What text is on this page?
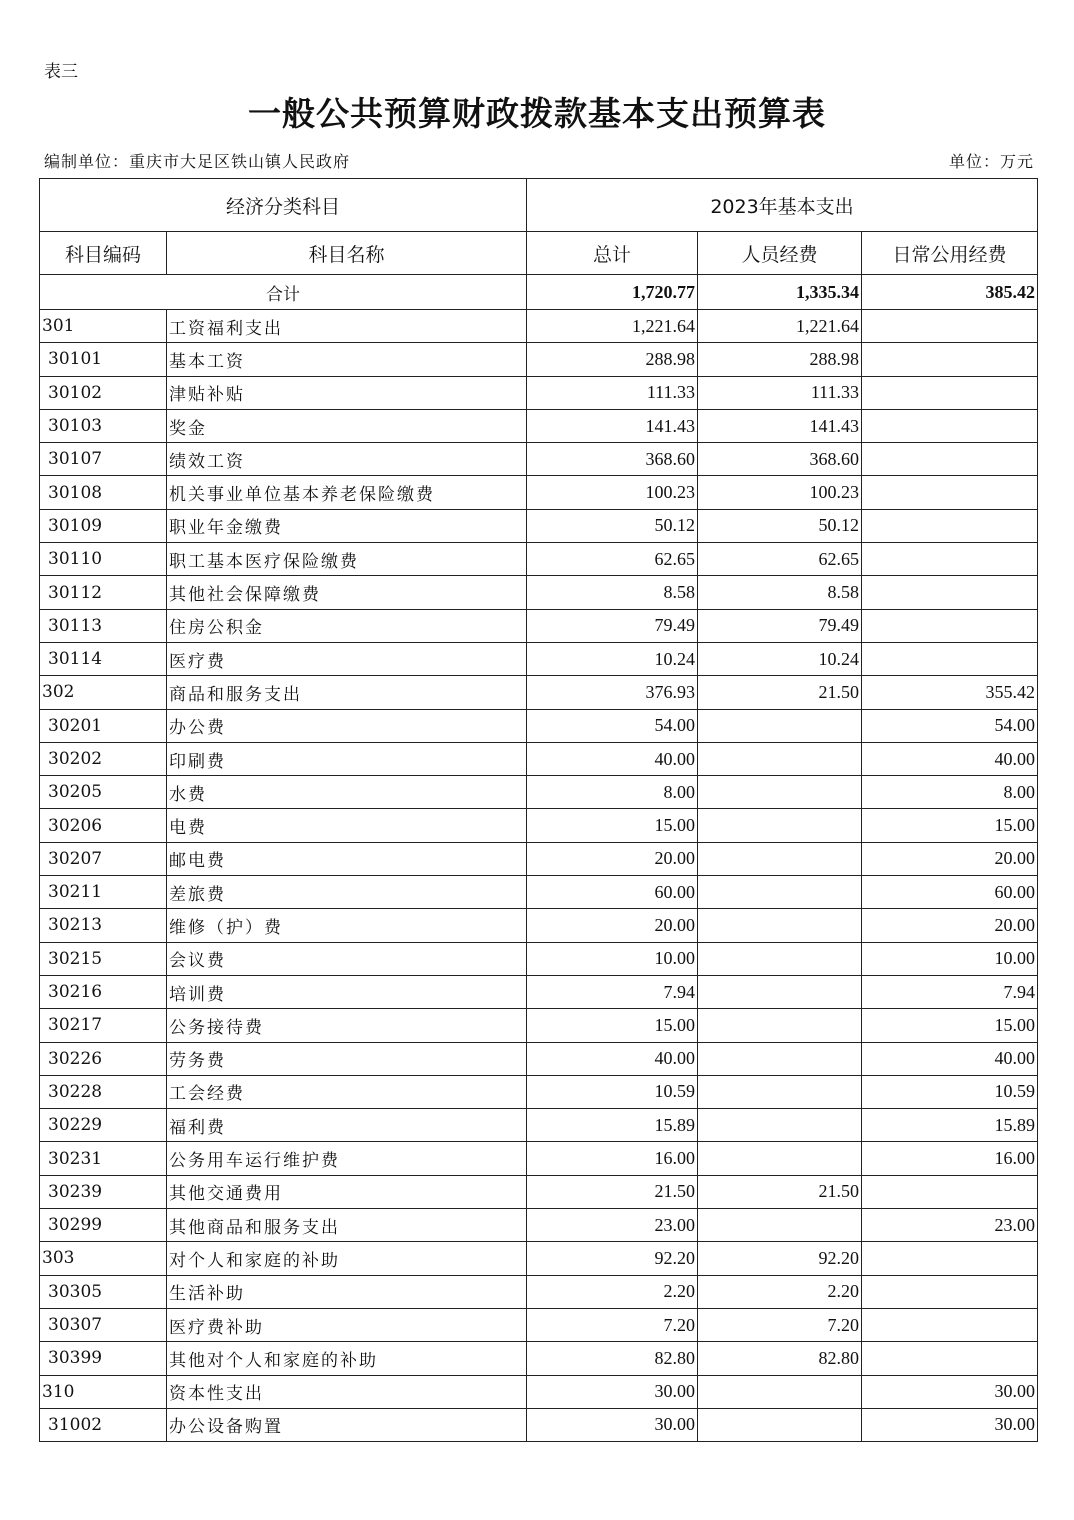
表三
一般公共预算财政拨款基本支出预算表
编制单位：重庆市大足区铁山镇人民政府	单位：万元
经济分类科目		2023年基本支出		
科目编码	科目名称	总计	人员经费	日常公用经费
合计		1,720.77	1,335.34	385.42
301	工资福利支出	1,221.64	1,221.64	
30101	基本工资	288.98	288.98	
30102	津贴补贴	111.33	111.33	
30103	奖金	141.43	141.43	
30107	绩效工资	368.60	368.60	
30108	机关事业单位基本养老保险缴费	100.23	100.23	
30109	职业年金缴费	50.12	50.12	
30110	职工基本医疗保险缴费	62.65	62.65	
30112	其他社会保障缴费	8.58	8.58	
30113	住房公积金	79.49	79.49	
30114	医疗费	10.24	10.24	
302	商品和服务支出	376.93	21.50	355.42
30201	办公费	54.00		54.00
30202	印刷费	40.00		40.00
30205	水费	8.00		8.00
30206	电费	15.00		15.00
30207	邮电费	20.00		20.00
30211	差旅费	60.00		60.00
30213	维修（护）费	20.00		20.00
30215	会议费	10.00		10.00
30216	培训费	7.94		7.94
30217	公务接待费	15.00		15.00
30226	劳务费	40.00		40.00
30228	工会经费	10.59		10.59
30229	福利费	15.89		15.89
30231	公务用车运行维护费	16.00		16.00
30239	其他交通费用	21.50	21.50	
30299	其他商品和服务支出	23.00		23.00
303	对个人和家庭的补助	92.20	92.20	
30305	生活补助	2.20	2.20	
30307	医疗费补助	7.20	7.20	
30399	其他对个人和家庭的补助	82.80	82.80	
310	资本性支出	30.00		30.00
31002	办公设备购置	30.00		30.00
